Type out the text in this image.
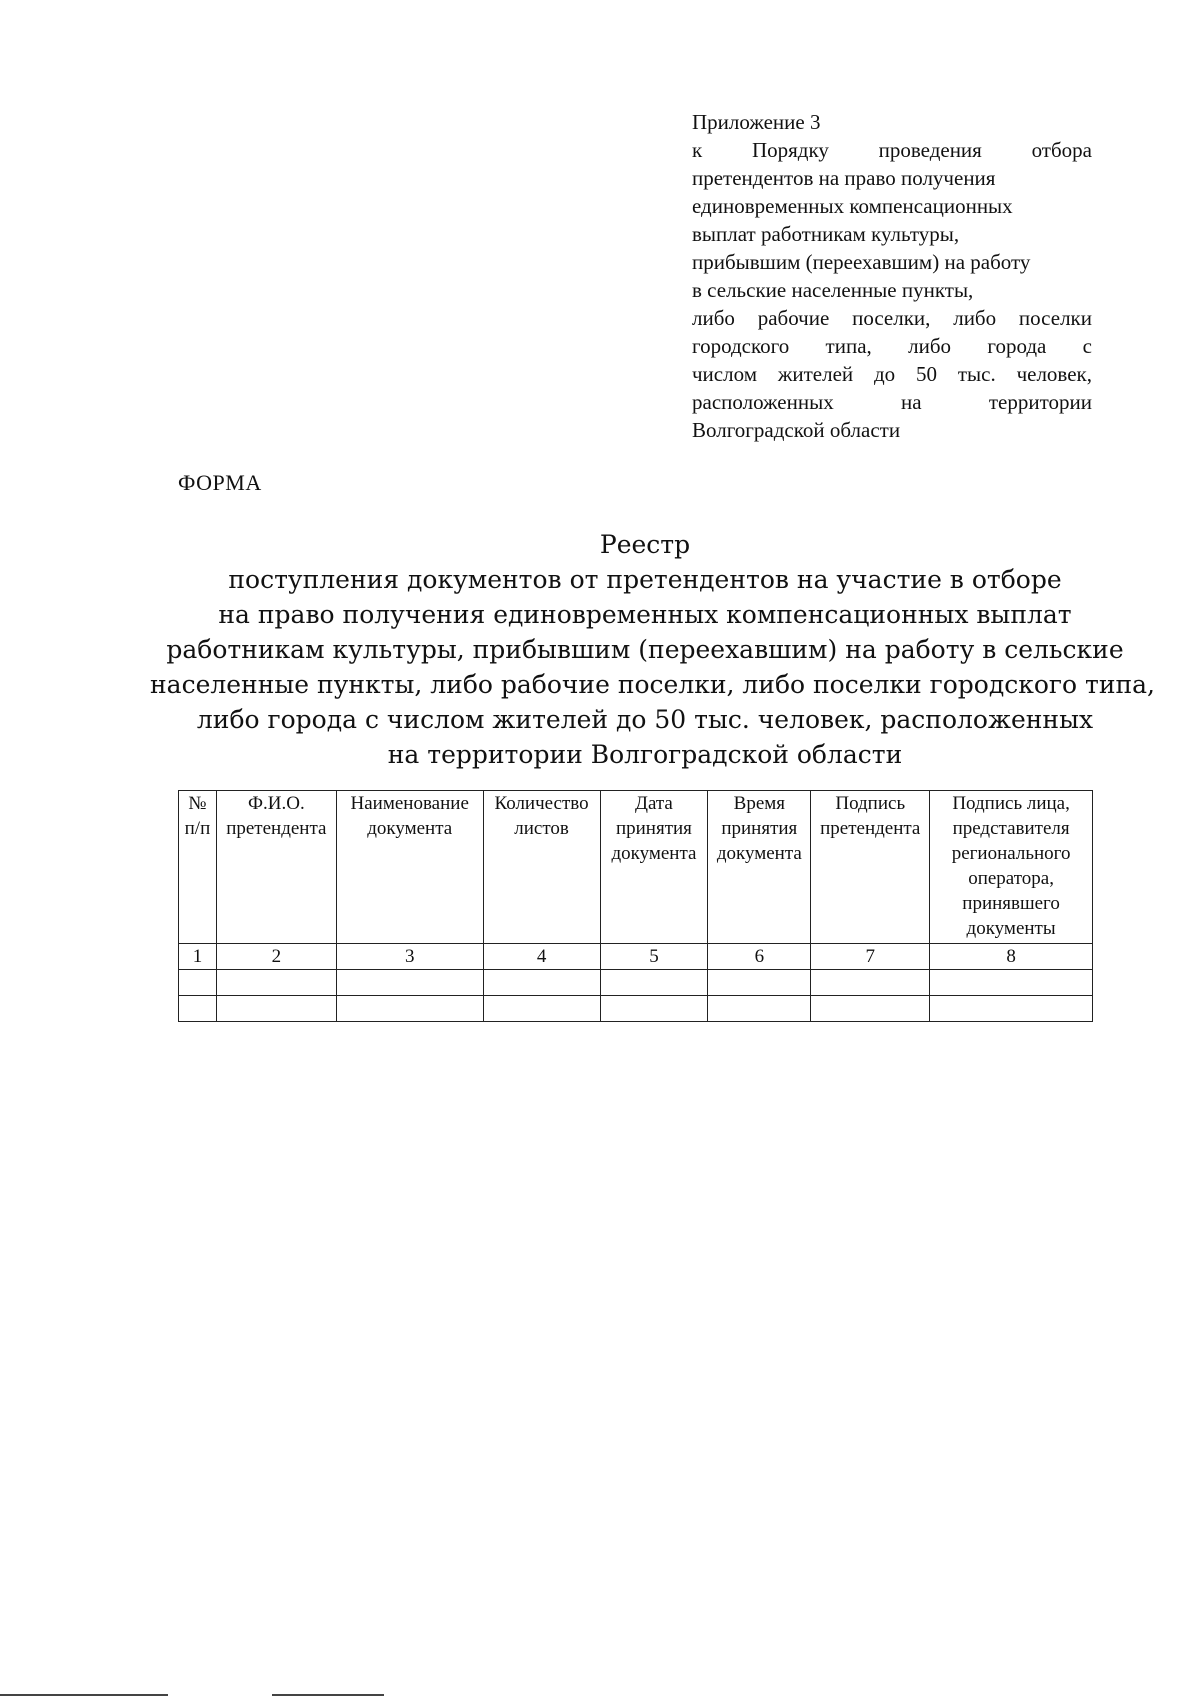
Приложение 3
к Порядку проведения отбора
претендентов на право получения
единовременных компенсационных
выплат работникам культуры,
прибывшим (переехавшим) на работу
в сельские населенные пункты,
либо рабочие поселки, либо поселки
городского типа, либо города с
числом жителей до 50 тыс. человек,
расположенных на территории
Волгоградской области
ФОРМА
Реестр
поступления документов от претендентов на участие в отборе
на право получения единовременных компенсационных выплат
работникам культуры, прибывшим (переехавшим) на работу в сельские
населенные пункты, либо рабочие поселки, либо поселки городского типа,
либо города с числом жителей до 50 тыс. человек, расположенных
на территории Волгоградской области
№ п/п	Ф.И.О. претендента	Наименование документа	Количество листов	Дата принятия документа	Время принятия документа	Подпись претендента	Подпись лица, представителя регионального оператора, принявшего документы
1	2	3	4	5	6	7	8
